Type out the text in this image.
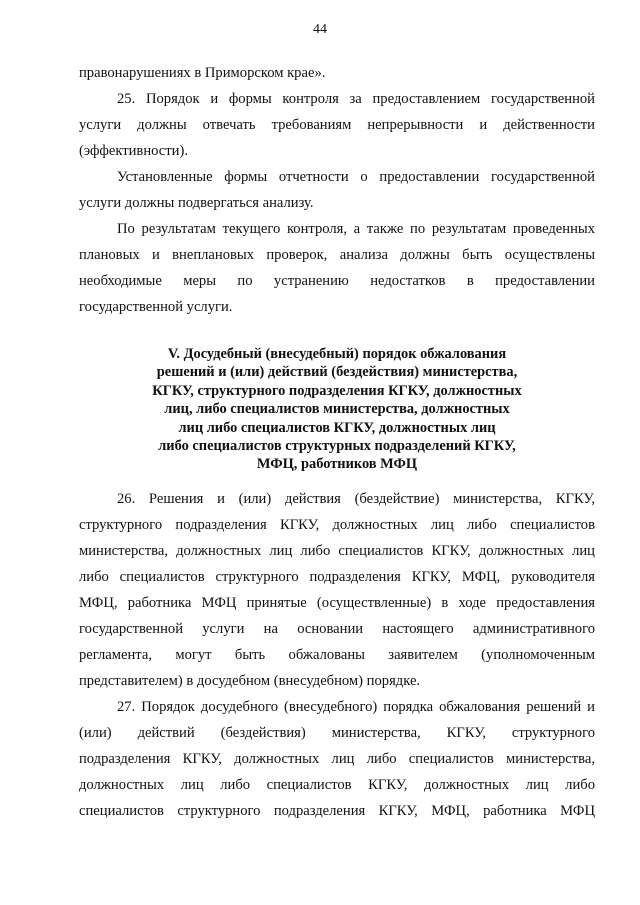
44
правонарушениях в Приморском крае».
25. Порядок и формы контроля за предоставлением государственной
услуги должны отвечать требованиям непрерывности и действенности
(эффективности).
Установленные формы отчетности о предоставлении государственной
услуги должны подвергаться анализу.
По результатам текущего контроля, а также по результатам проведенных
плановых и внеплановых проверок, анализа должны быть осуществлены
необходимые меры по устранению недостатков в предоставлении
государственной услуги.
V. Досудебный (внесудебный) порядок обжалования
решений и (или) действий (бездействия) министерства,
КГКУ, структурного подразделения КГКУ, должностных
лиц, либо специалистов министерства, должностных
лиц либо специалистов КГКУ, должностных лиц
либо специалистов структурных подразделений КГКУ,
МФЦ, работников МФЦ
26. Решения и (или) действия (бездействие) министерства, КГКУ,
структурного подразделения КГКУ, должностных лиц либо специалистов
министерства, должностных лиц либо специалистов КГКУ, должностных лиц
либо специалистов структурного подразделения КГКУ, МФЦ, руководителя
МФЦ, работника МФЦ принятые (осуществленные) в ходе предоставления
государственной услуги на основании настоящего административного
регламента, могут быть обжалованы заявителем (уполномоченным
представителем) в досудебном (внесудебном) порядке.
27. Порядок досудебного (внесудебного) порядка обжалования решений и
(или) действий (бездействия) министерства, КГКУ, структурного
подразделения КГКУ, должностных лиц либо специалистов министерства,
должностных лиц либо специалистов КГКУ, должностных лиц либо
специалистов структурного подразделения КГКУ, МФЦ, работника МФЦ
